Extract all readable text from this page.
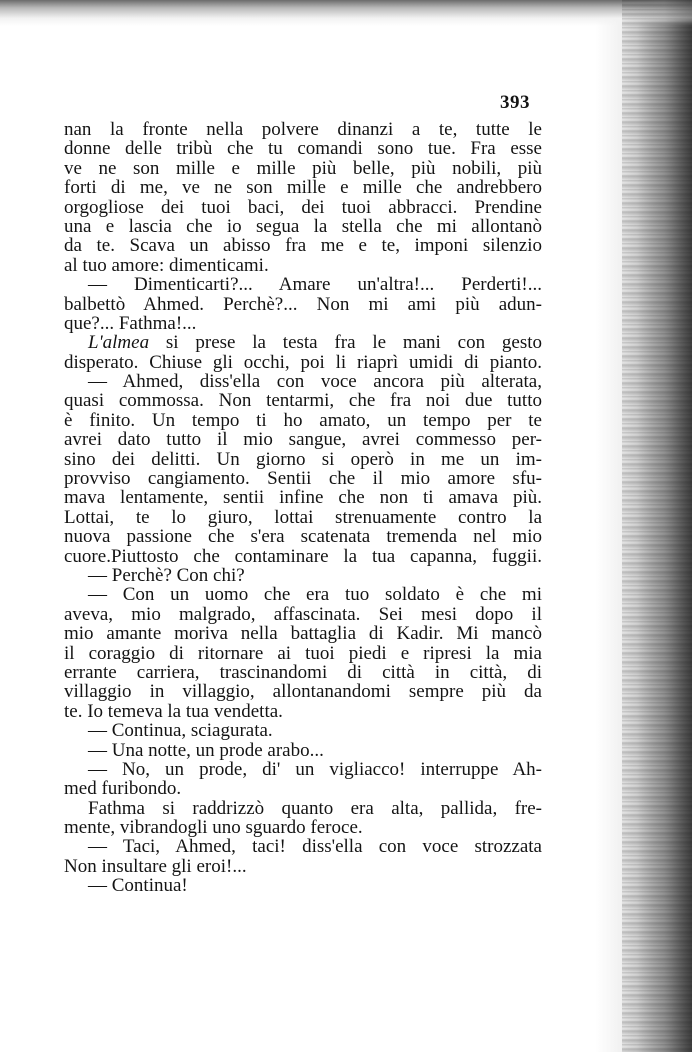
393
nan la fronte nella polvere dinanzi a te, tutte le
donne delle tribù che tu comandi sono tue. Fra esse
ve ne son mille e mille più belle, più nobili, più
forti di me, ve ne son mille e mille che andrebbero
orgogliose dei tuoi baci, dei tuoi abbracci. Prendine
una e lascia che io segua la stella che mi allontanò
da te. Scava un abisso fra me e te, imponi silenzio
al tuo amore: dimenticami.
— Dimenticarti?... Amare un'altra!... Perderti!...
balbettò Ahmed. Perchè?... Non mi ami più adun-
que?... Fathma!...
L'almea si prese la testa fra le mani con gesto
disperato. Chiuse gli occhi, poi li riaprì umidi di pianto.
— Ahmed, diss'ella con voce ancora più alterata,
quasi commossa. Non tentarmi, che fra noi due tutto
è finito. Un tempo ti ho amato, un tempo per te
avrei dato tutto il mio sangue, avrei commesso per-
sino dei delitti. Un giorno si operò in me un im-
provviso cangiamento. Sentii che il mio amore sfu-
mava lentamente, sentii infine che non ti amava più.
Lottai, te lo giuro, lottai strenuamente contro la
nuova passione che s'era scatenata tremenda nel mio
cuore.Piuttosto che contaminare la tua capanna, fuggii.
— Perchè? Con chi?
— Con un uomo che era tuo soldato è che mi
aveva, mio malgrado, affascinata. Sei mesi dopo il
mio amante moriva nella battaglia di Kadir. Mi mancò
il coraggio di ritornare ai tuoi piedi e ripresi la mia
errante carriera, trascinandomi di città in città, di
villaggio in villaggio, allontanandomi sempre più da
te. Io temeva la tua vendetta.
— Continua, sciagurata.
— Una notte, un prode arabo...
— No, un prode, di' un vigliacco! interruppe Ah-
med furibondo.
Fathma si raddrizzò quanto era alta, pallida, fre-
mente, vibrandogli uno sguardo feroce.
— Taci, Ahmed, taci! diss'ella con voce strozzata
Non insultare gli eroi!...
— Continua!
